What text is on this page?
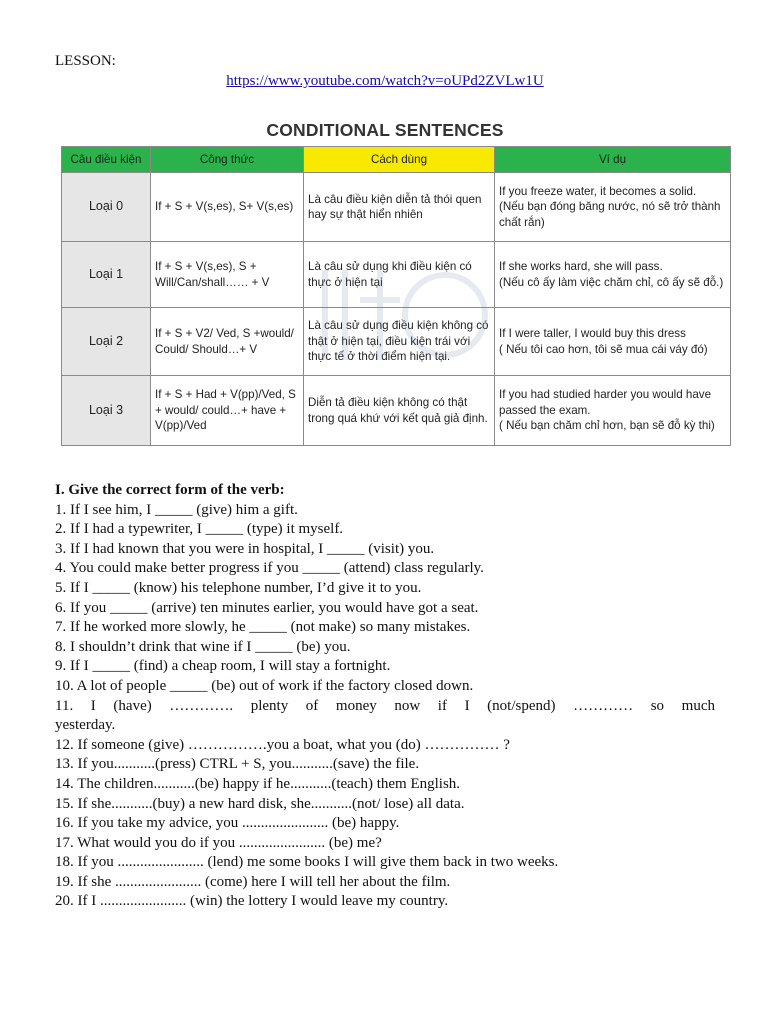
LESSON:
https://www.youtube.com/watch?v=oUPd2ZVLw1U
CONDITIONAL SENTENCES
Câu điều kiện	Công thức	Cách dùng	Ví dụ
Loại 0	If + S + V(s,es), S+ V(s,es)	Là câu điều kiện diễn tả thói quen hay sự thật hiển nhiên	If you freeze water, it becomes a solid.
(Nếu bạn đóng băng nước, nó sẽ trở thành chất rắn)
Loại 1	If + S + V(s,es), S + Will/Can/shall…… + V	Là câu sử dụng khi điều kiện có thực ở hiện tại	If she works hard, she will pass.
(Nếu cô ấy làm việc chăm chỉ, cô ấy sẽ đỗ.)
Loại 2	If + S + V2/ Ved, S +would/ Could/ Should…+ V	Là câu sử dụng điều kiện không có thật ở hiện tại, điều kiện trái với thực tế ở thời điểm hiện tại.	If I were taller, I would buy this dress
( Nếu tôi cao hơn, tôi sẽ mua cái váy đó)
Loại 3	If + S + Had + V(pp)/Ved, S + would/ could…+ have + V(pp)/Ved	Diễn tả điều kiện không có thật trong quá khứ với kết quả giả định.	If you had studied harder you would have passed the exam.
( Nếu bạn chăm chỉ hơn, bạn sẽ đỗ kỳ thi)
I. Give the correct form of the verb:
1. If I see him, I _____ (give) him a gift.
2. If I had a typewriter, I _____ (type) it myself.
3. If I had known that you were in hospital, I _____ (visit) you.
4. You could make better progress if you _____ (attend) class regularly.
5. If I _____ (know) his telephone number, I’d give it to you.
6. If you _____ (arrive) ten minutes earlier, you would have got a seat.
7. If he worked more slowly, he _____ (not make) so many mistakes.
8. I shouldn’t drink that wine if I _____ (be) you.
9. If I _____ (find) a cheap room, I will stay a fortnight.
10. A lot of people _____ (be) out of work if the factory closed down.
11. I (have) …………. plenty of money now if I (not/spend) ………… so much
yesterday.
12. If someone (give) …………….you a boat, what you (do) …………… ?
13. If you...........(press) CTRL + S, you...........(save) the file.
14. The children...........(be) happy if he...........(teach) them English.
15. If she...........(buy) a new hard disk, she...........(not/ lose) all data.
16. If you take my advice, you ....................... (be) happy.
17. What would you do if you ....................... (be) me?
18. If you ....................... (lend) me some books I will give them back in two weeks.
19. If she ....................... (come) here I will tell her about the film.
20. If I ....................... (win) the lottery I would leave my country.
